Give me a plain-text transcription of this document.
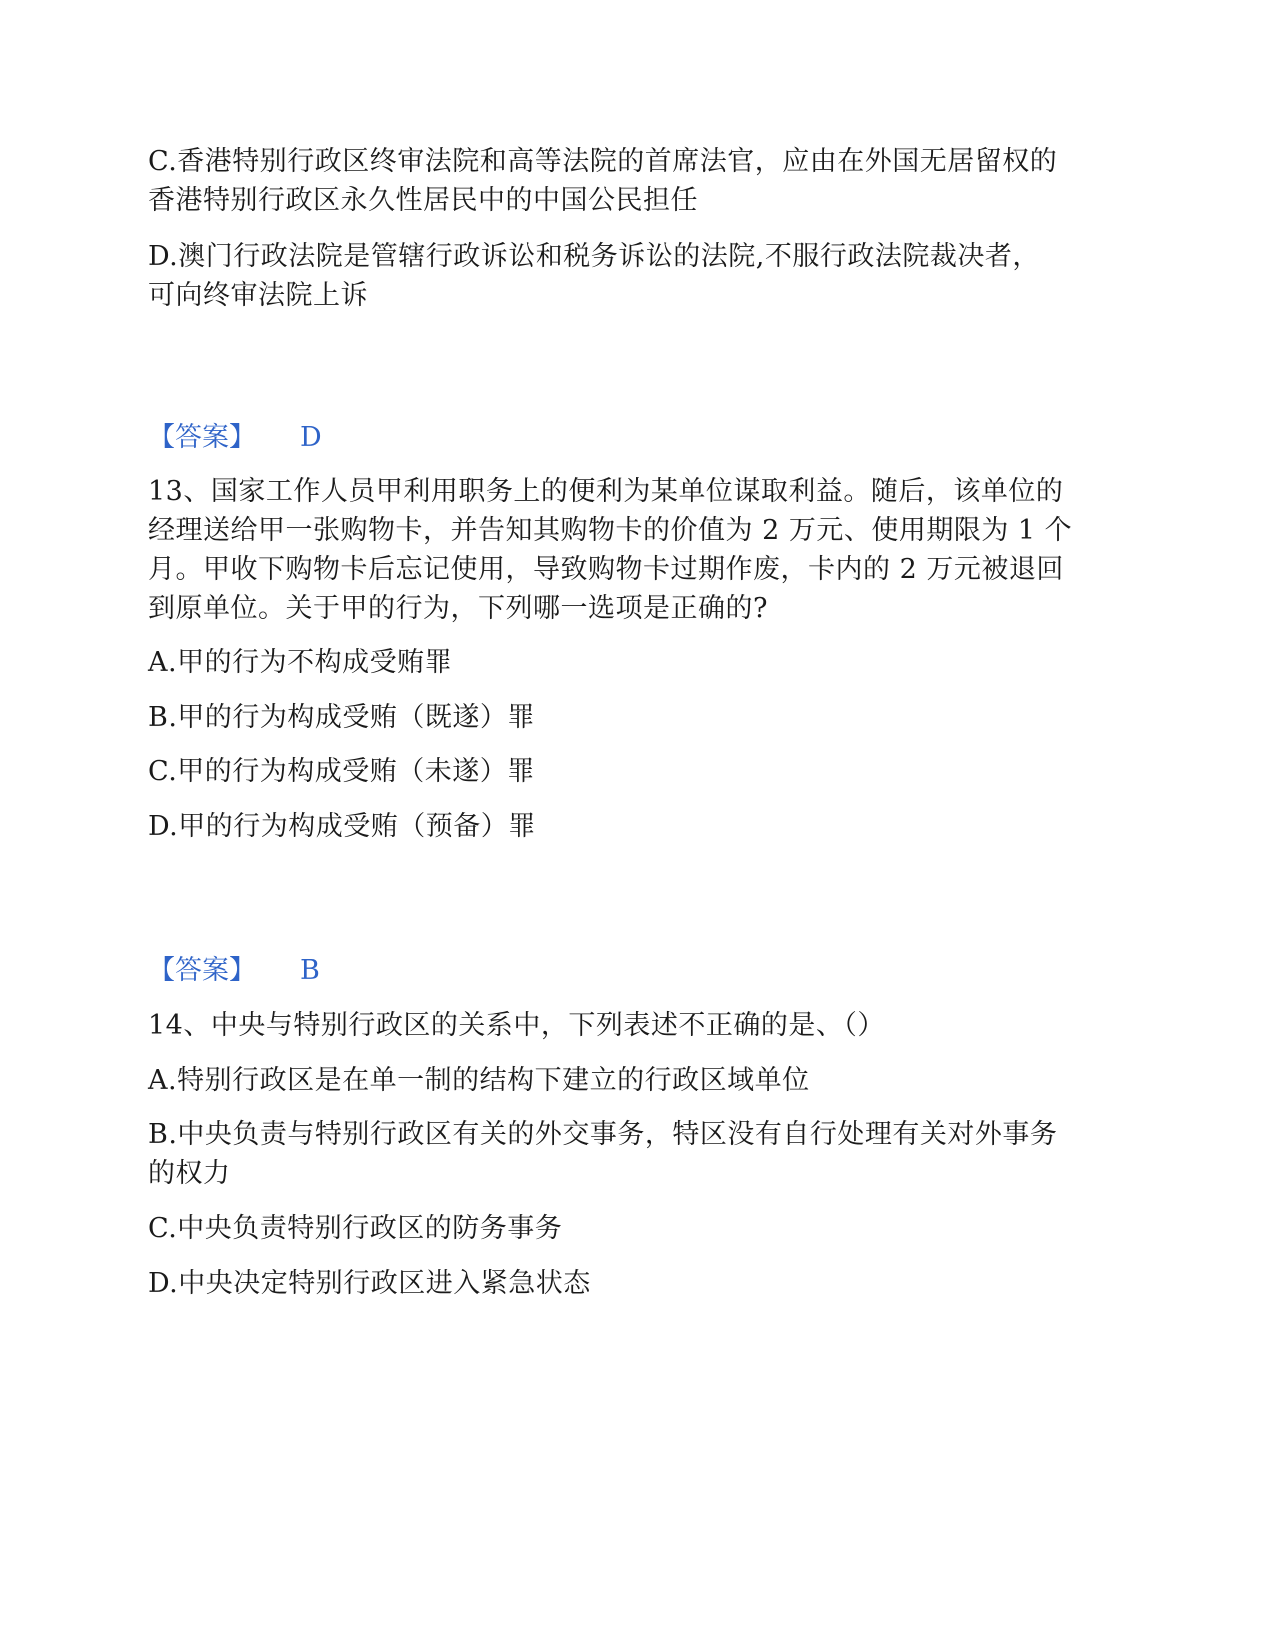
C.香港特别行政区终审法院和高等法院的首席法官，应由在外国无居留权的
香港特别行政区永久性居民中的中国公民担任
D.澳门行政法院是管辖行政诉讼和税务诉讼的法院,不服行政法院裁决者，
可向终审法院上诉
【答案】 D
13、国家工作人员甲利用职务上的便利为某单位谋取利益。随后，该单位的
经理送给甲一张购物卡，并告知其购物卡的价值为 2 万元、使用期限为 1 个
月。甲收下购物卡后忘记使用，导致购物卡过期作废，卡内的 2 万元被退回
到原单位。关于甲的行为，下列哪一选项是正确的?
A.甲的行为不构成受贿罪
B.甲的行为构成受贿（既遂）罪
C.甲的行为构成受贿（未遂）罪
D.甲的行为构成受贿（预备）罪
【答案】 B
14、中央与特别行政区的关系中，下列表述不正确的是、（）
A.特别行政区是在单一制的结构下建立的行政区域单位
B.中央负责与特别行政区有关的外交事务，特区没有自行处理有关对外事务
的权力
C.中央负责特别行政区的防务事务
D.中央决定特别行政区进入紧急状态
